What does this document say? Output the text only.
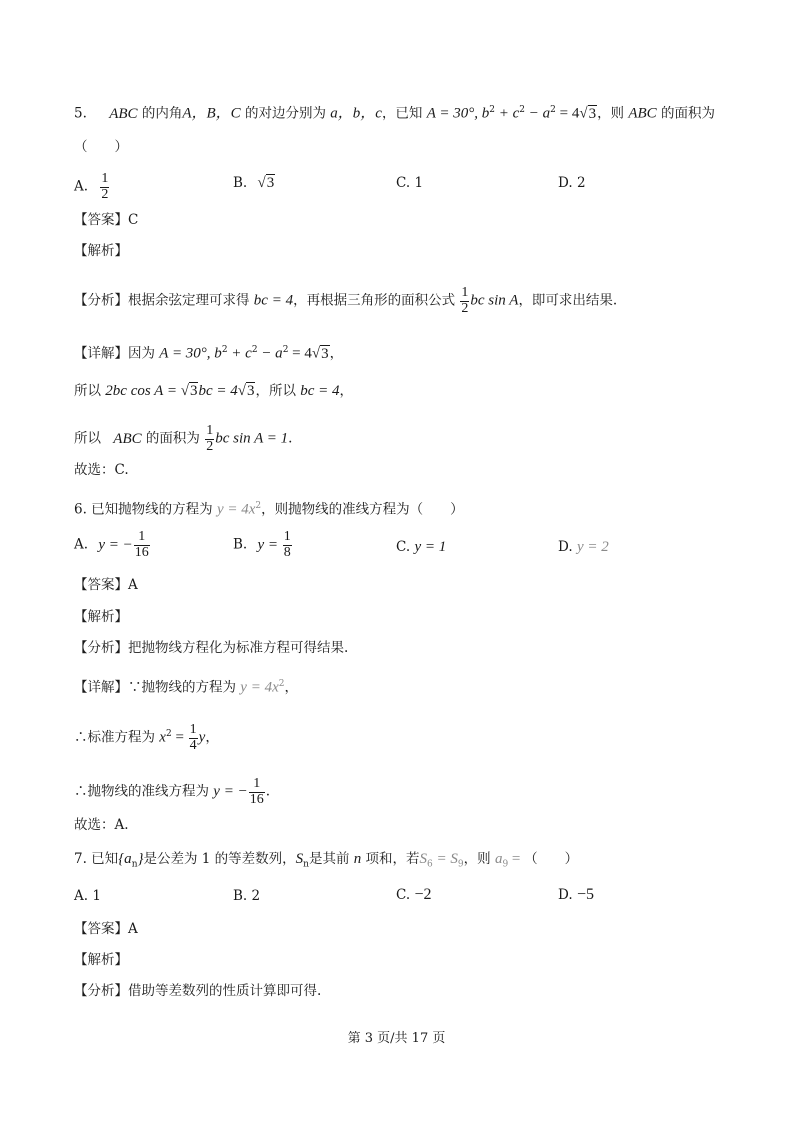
5. ABC 的内角A，B，C 的对边分别为 a，b，c，已知 A = 30°, $b^2 + c^2 - a^2 = 4√3$，则 ABC 的面积为
（　　）
A. $\frac{1}{2}$	B. √3	C. 1	D. 2
【答案】C
【解析】
【分析】根据余弦定理可求得 bc = 4，再根据三角形的面积公式 $\frac{1}{2}$ bc sin A，即可求出结果.
【详解】因为 A = 30°, $b^2 + c^2 - a^2 = 4√3$，
所以 2bc cos A = √3bc = 4√3，所以 bc = 4，
所以 ABC 的面积为 $\frac{1}{2}$ bc sin A = 1.
故选：C.
6. 已知抛物线的方程为 $y = 4x^2$，则抛物线的准线方程为（　　）
A. y = − $\frac{1}{16}$	B. $y = \frac{1}{8}$	C. y = 1	D. y = 2
【答案】A
【解析】
【分析】把抛物线方程化为标准方程可得结果.
【详解】∵抛物线的方程为 $y = 4x^2$，
∴标准方程为 $x^2 = \frac{1}{4}$ y，
∴抛物线的准线方程为 y = − $\frac{1}{16}$ .
故选：A.
7. 已知$\{a_n\}$是公差为 1 的等差数列，$S_n$是其前 n 项和，若$S_6 = S_9$，则 $a_9$ = （　　）
A. 1	B. 2	C. −2	D. −5
【答案】A
【解析】
【分析】借助等差数列的性质计算即可得.
第 3 页/共 17 页
